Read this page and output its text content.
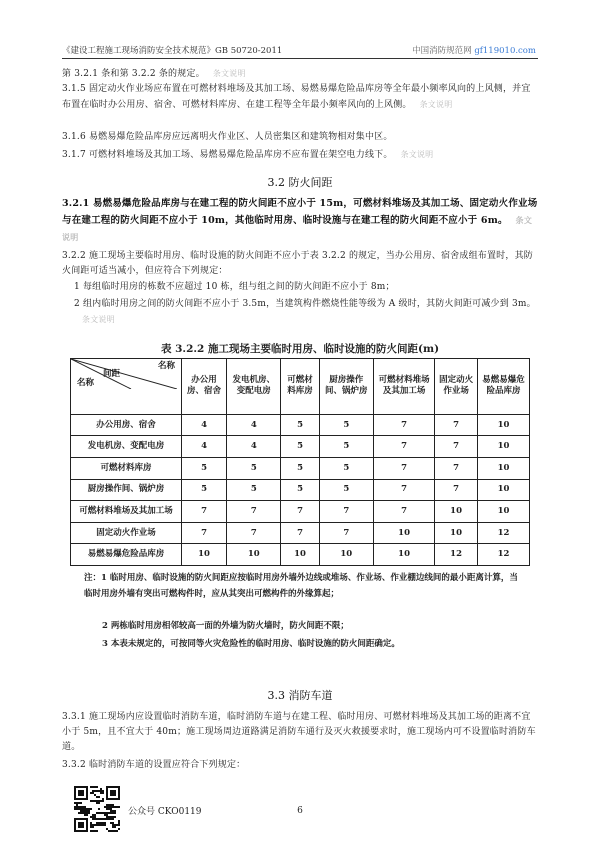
《建设工程施工现场消防安全技术规范》GB 50720-2011	中国消防规范网 gf119010.com
第 3.2.1 条和第 3.2.2 条的规定。 条文说明
3.1.5 固定动火作业场应布置在可燃材料堆场及其加工场、易燃易爆危险品库房等全年最小频率风向的上风侧，并宜布置在临时办公用房、宿舍、可燃材料库房、在建工程等全年最小频率风向的上风侧。 条文说明
3.1.6 易燃易爆危险品库房应远离明火作业区、人员密集区和建筑物相对集中区。
3.1.7 可燃材料堆场及其加工场、易燃易爆危险品库房不应布置在架空电力线下。 条文说明
3.2 防火间距
3.2.1 易燃易爆危险品库房与在建工程的防火间距不应小于 15m，可燃材料堆场及其加工场、固定动火作业场与在建工程的防火间距不应小于 10m，其他临时用房、临时设施与在建工程的防火间距不应小于 6m。 条文说明
3.2.2 施工现场主要临时用房、临时设施的防火间距不应小于表 3.2.2 的规定，当办公用房、宿舍成组布置时，其防火间距可适当减小，但应符合下列规定：
1 每组临时用房的栋数不应超过 10 栋，组与组之间的防火间距不应小于 8m；
2 组内临时用房之间的防火间距不应小于 3.5m，当建筑构件燃烧性能等级为 A 级时，其防火间距可减少到 3m。条文说明
表 3.2.2 施工现场主要临时用房、临时设施的防火间距(m)
名称
间距
名称	办公用房、宿舍	发电机房、变配电房	可燃材料库房	厨房操作间、锅炉房	可燃材料堆场及其加工场	固定动火作业场	易燃易爆危险品库房
办公用房、宿舍	4	4	5	5	7	7	10
发电机房、变配电房	4	4	5	5	7	7	10
可燃材料库房	5	5	5	5	7	7	10
厨房操作间、锅炉房	5	5	5	5	7	7	10
可燃材料堆场及其加工场	7	7	7	7	7	10	10
固定动火作业场	7	7	7	7	10	10	12
易燃易爆危险品库房	10	10	10	10	10	12	12
注：1 临时用房、临时设施的防火间距应按临时用房外墙外边线或堆场、作业场、作业棚边线间的最小距离计算，当临时用房外墙有突出可燃构件时，应从其突出可燃构件的外缘算起；
2 两栋临时用房相邻较高一面的外墙为防火墙时，防火间距不限；
3 本表未规定的，可按同等火灾危险性的临时用房、临时设施的防火间距确定。
3.3 消防车道
3.3.1 施工现场内应设置临时消防车道，临时消防车道与在建工程、临时用房、可燃材料堆场及其加工场的距离不宜小于 5m，且不宜大于 40m；施工现场周边道路满足消防车通行及灭火救援要求时，施工现场内可不设置临时消防车道。
3.3.2 临时消防车道的设置应符合下列规定：
公众号 CKO0119	6
